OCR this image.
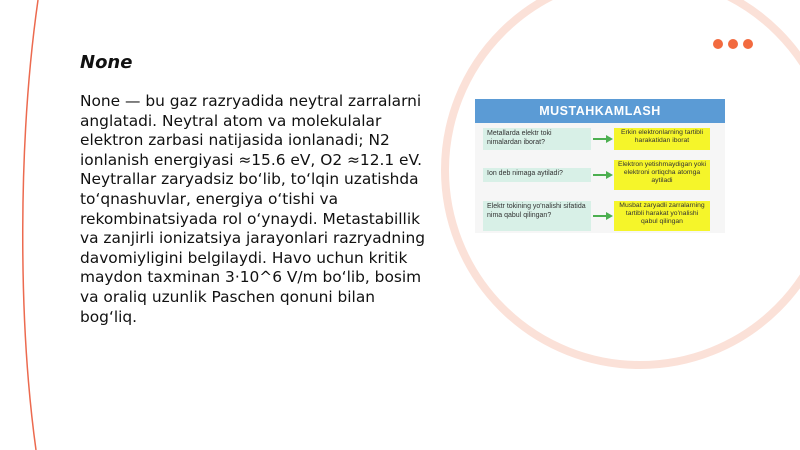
None

None — bu gaz razryadida neytral zarralarni anglatadi. Neytral atom va molekulalar elektron zarbasi natijasida ionlanadi; N2 ionlanish energiyasi ≈15.6 eV, O2 ≈12.1 eV. Neytrallar zaryadsiz bo‘lib, to‘lqin uzatishda to‘qnashuvlar, energiya o‘tishi va rekombinatsiyada rol o‘ynaydi. Metastabillik va zanjirli ionizatsiya jarayonlari razryadning davomiyligini belgilaydi. Havo uchun kritik maydon taxminan 3·10^6 V/m bo‘lib, bosim va oraliq uzunlik Paschen qonuni bilan bog‘liq.

MUSTAHKAMLASH
Metallarda elektr toki nimalardan iborat?
Erkin elektronlarning tartibli harakatidan iborat
Ion deb nimaga aytiladi?
Elektron yetishmaydigan yoki elektroni ortiqcha atomga aytiladi
Elektr tokining yo'nalishi sifatida nima qabul qilingan?
Musbat zaryadli zarralarning tartibli harakat yo'nalishi qabul qilingan
